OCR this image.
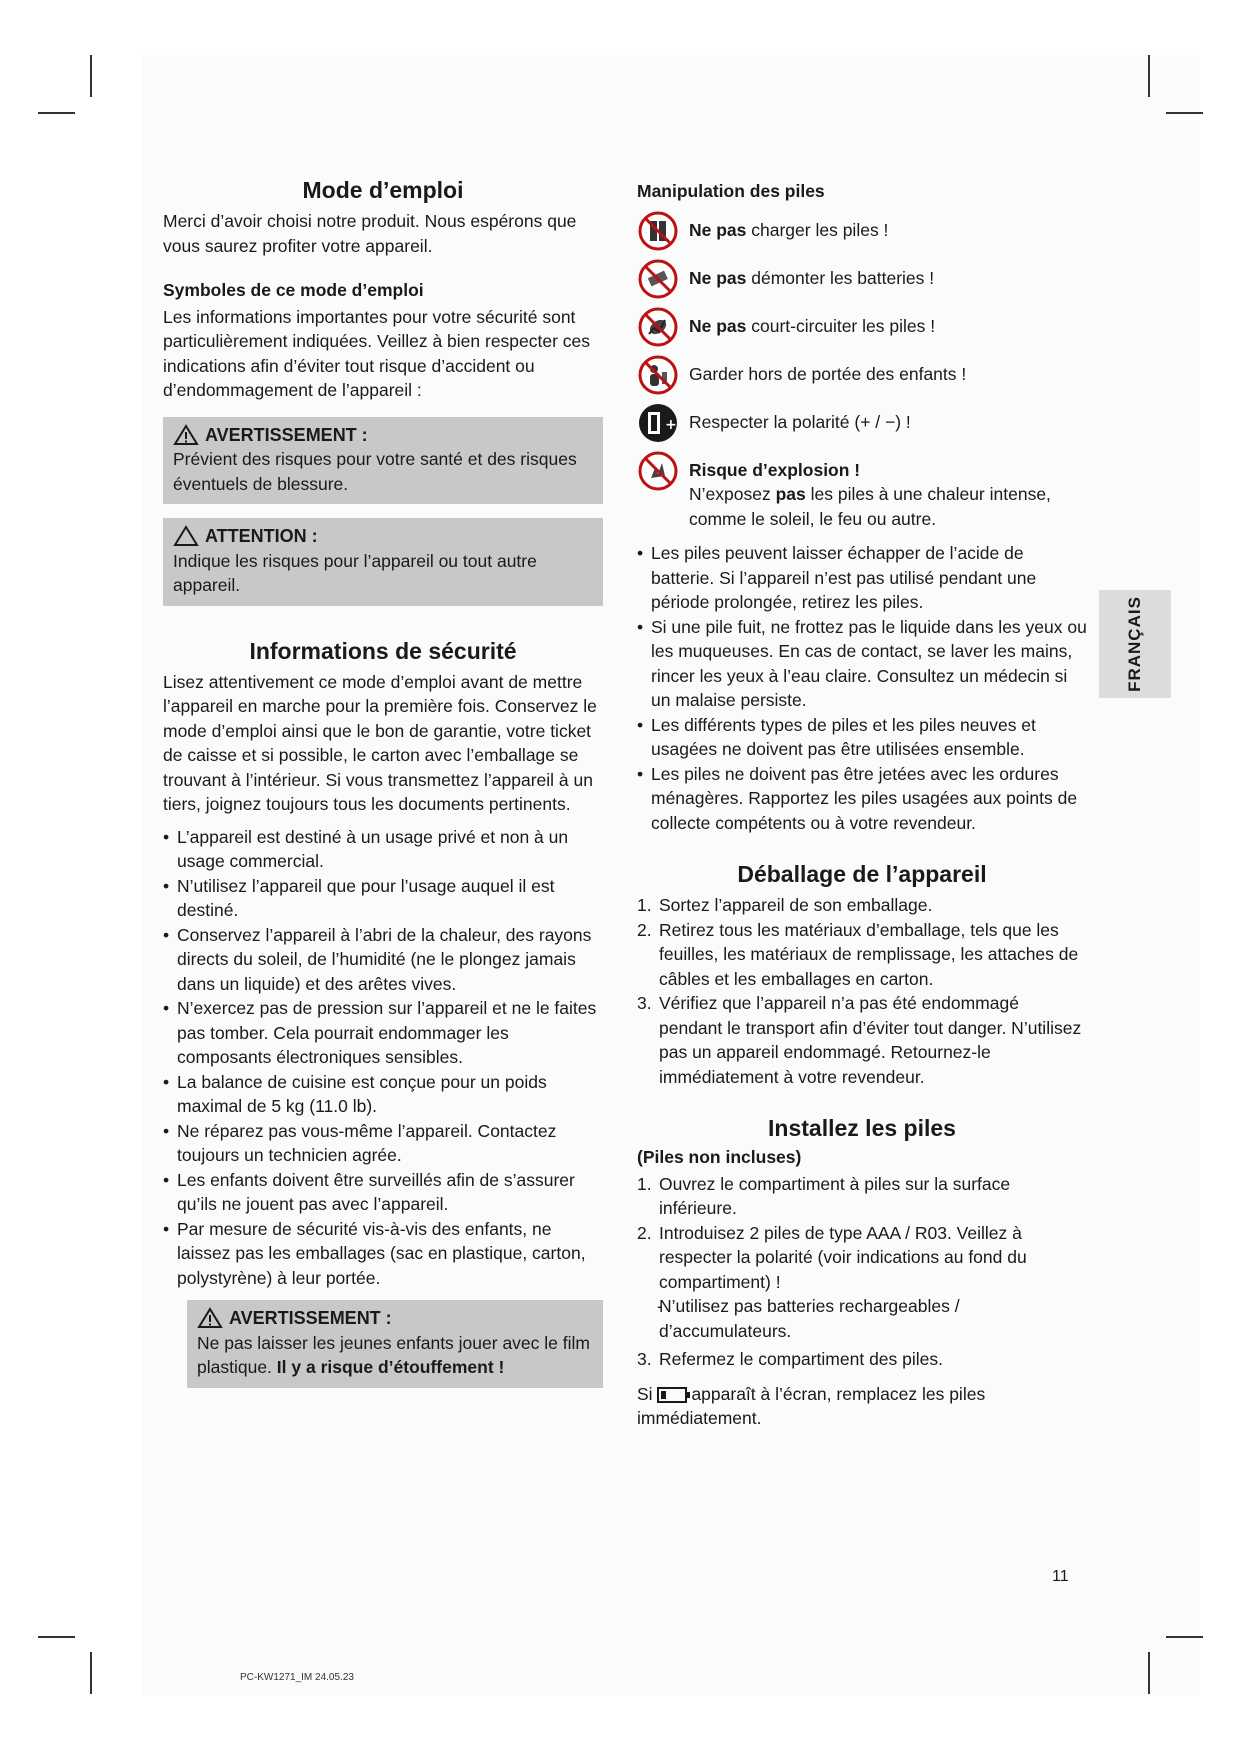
Mode d’emploi

Merci d’avoir choisi notre produit. Nous espérons que vous saurez profiter votre appareil.

Symboles de ce mode d’emploi

Les informations importantes pour votre sécurité sont particulièrement indiquées. Veillez à bien respecter ces indications afin d’éviter tout risque d’accident ou d’endommagement de l’appareil :

AVERTISSEMENT :

Prévient des risques pour votre santé et des risques éventuels de blessure.

ATTENTION :

Indique les risques pour l’appareil ou tout autre appareil.

Informations de sécurité

Lisez attentivement ce mode d’emploi avant de mettre l’appareil en marche pour la première fois. Conservez le mode d’emploi ainsi que le bon de garantie, votre ticket de caisse et si possible, le carton avec l’emballage se trouvant à l’intérieur. Si vous transmettez l’appareil à un tiers, joignez toujours tous les documents pertinents.

• L’appareil est destiné à un usage privé et non à un usage commercial.
• N’utilisez l’appareil que pour l’usage auquel il est destiné.
• Conservez l’appareil à l’abri de la chaleur, des rayons directs du soleil, de l’humidité (ne le plongez jamais dans un liquide) et des arêtes vives.
• N’exercez pas de pression sur l’appareil et ne le faites pas tomber. Cela pourrait endommager les composants électroniques sensibles.
• La balance de cuisine est conçue pour un poids maximal de 5 kg (11.0 lb).
• Ne réparez pas vous-même l’appareil. Contactez toujours un technicien agrée.
• Les enfants doivent être surveillés afin de s’assurer qu’ils ne jouent pas avec l’appareil.
• Par mesure de sécurité vis-à-vis des enfants, ne laissez pas les emballages (sac en plastique, carton, polystyrène) à leur portée.
AVERTISSEMENT :

Ne pas laisser les jeunes enfants jouer avec le film plastique. Il y a risque d’étouffement !

Manipulation des piles
Ne pas charger les piles !
Ne pas démonter les batteries !
Ne pas court-circuiter les piles !
Garder hors de portée des enfants !
+ Respecter la polarité (+ / −) !
Risque d’explosion !
N’exposez pas les piles à une chaleur intense, comme le soleil, le feu ou autre.
• Les piles peuvent laisser échapper de l’acide de batterie. Si l’appareil n’est pas utilisé pendant une période prolongée, retirez les piles.
• Si une pile fuit, ne frottez pas le liquide dans les yeux ou les muqueuses. En cas de contact, se laver les mains, rincer les yeux à l’eau claire. Consultez un médecin si un malaise persiste.
• Les différents types de piles et les piles neuves et usagées ne doivent pas être utilisées ensemble.
• Les piles ne doivent pas être jetées avec les ordures ménagères. Rapportez les piles usagées aux points de collecte compétents ou à votre revendeur.
Déballage de l’appareil
1. Sortez l’appareil de son emballage.
2. Retirez tous les matériaux d’emballage, tels que les feuilles, les matériaux de remplissage, les attaches de câbles et les emballages en carton.
3. Vérifiez que l’appareil n’a pas été endommagé pendant le transport afin d’éviter tout danger. N’utilisez pas un appareil endommagé. Retournez-le immédiatement à votre revendeur.
Installez les piles
(Piles non incluses)
1. Ouvrez le compartiment à piles sur la surface inférieure.
2. Introduisez 2 piles de type AAA / R03. Veillez à respecter la polarité (voir indications au fond du compartiment) !
- N’utilisez pas batteries rechargeables / d’accumulateurs.
3. Refermez le compartiment des piles.

Si apparaît à l’écran, remplacez les piles immédiatement.

FRANÇAIS
11
PC-KW1271_IM 24.05.23
